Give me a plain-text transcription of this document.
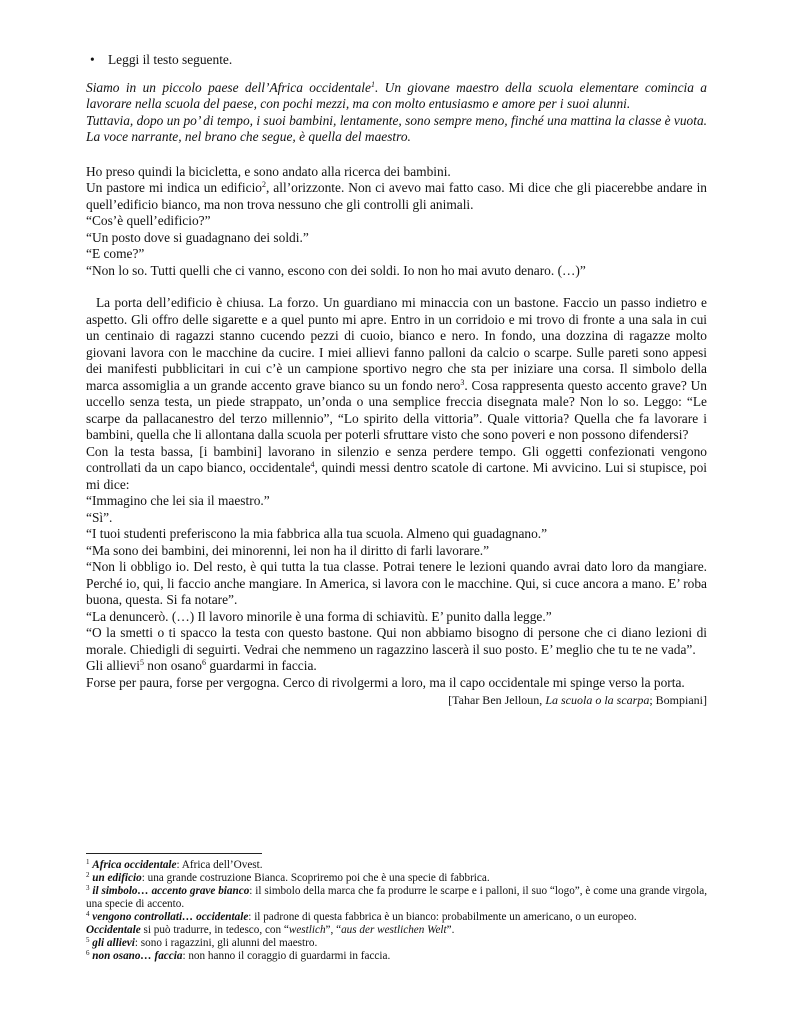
• Leggi il testo seguente.

Siamo in un piccolo paese dell’Africa occidentale$^1$. Un giovane maestro della scuola elementare comincia a lavorare nella scuola del paese, con pochi mezzi, ma con molto entusiasmo e amore per i suoi alunni.

Tuttavia, dopo un po’ di tempo, i suoi bambini, lentamente, sono sempre meno, finché una mattina la classe è vuota. La voce narrante, nel brano che segue, è quella del maestro.

Ho preso quindi la bicicletta, e sono andato alla ricerca dei bambini.

Un pastore mi indica un edificio$^2$, all’orizzonte. Non ci avevo mai fatto caso. Mi dice che gli piacerebbe andare in quell’edificio bianco, ma non trova nessuno che gli controlli gli animali.

“Cos’è quell’edificio?”

“Un posto dove si guadagnano dei soldi.”

“E come?”

“Non lo so. Tutti quelli che ci vanno, escono con dei soldi. Io non ho mai avuto denaro. (…)”

La porta dell’edificio è chiusa. La forzo. Un guardiano mi minaccia con un bastone. Faccio un passo indietro e aspetto. Gli offro delle sigarette e a quel punto mi apre. Entro in un corridoio e mi trovo di fronte a una sala in cui un centinaio di ragazzi stanno cucendo pezzi di cuoio, bianco e nero. In fondo, una dozzina di ragazze molto giovani lavora con le macchine da cucire. I miei allievi fanno palloni da calcio o scarpe. Sulle pareti sono appesi dei manifesti pubblicitari in cui c’è un campione sportivo negro che sta per iniziare una corsa. Il simbolo della marca assomiglia a un grande accento grave bianco su un fondo nero$^3$. Cosa rappresenta questo accento grave? Un uccello senza testa, un piede strappato, un’onda o una semplice freccia disegnata male? Non lo so. Leggo: “Le scarpe da pallacanestro del terzo millennio”, “Lo spirito della vittoria”. Quale vittoria? Quella che fa lavorare i bambini, quella che li allontana dalla scuola per poterli sfruttare visto che sono poveri e non possono difendersi?

Con la testa bassa, [i bambini] lavorano in silenzio e senza perdere tempo. Gli oggetti confezionati vengono controllati da un capo bianco, occidentale$^4$, quindi messi dentro scatole di cartone. Mi avvicino. Lui si stupisce, poi mi dice:

“Immagino che lei sia il maestro.”

“Sì”.

“I tuoi studenti preferiscono la mia fabbrica alla tua scuola. Almeno qui guadagnano.”

“Ma sono dei bambini, dei minorenni, lei non ha il diritto di farli lavorare.”

“Non li obbligo io. Del resto, è qui tutta la tua classe. Potrai tenere le lezioni quando avrai dato loro da mangiare. Perché io, qui, li faccio anche mangiare. In America, si lavora con le macchine. Qui, si cuce ancora a mano. E’ roba buona, questa. Si fa notare”.

“La denuncerò. (…) Il lavoro minorile è una forma di schiavitù. E’ punito dalla legge.”

“O la smetti o ti spacco la testa con questo bastone. Qui non abbiamo bisogno di persone che ci diano lezioni di morale. Chiedigli di seguirti. Vedrai che nemmeno un ragazzino lascerà il suo posto. E’ meglio che tu te ne vada”.

Gli allievi$^5$ non osano$^6$ guardarmi in faccia.

Forse per paura, forse per vergogna. Cerco di rivolgermi a loro, ma il capo occidentale mi spinge verso la porta.

[Tahar Ben Jelloun, La scuola o la scarpa; Bompiani]

$^1$ Africa occidentale: Africa dell’Ovest.

$^2$ un edificio: una grande costruzione Bianca. Scopriremo poi che è una specie di fabbrica.

$^3$ il simbolo… accento grave bianco: il simbolo della marca che fa produrre le scarpe e i palloni, il suo “logo”, è come una grande virgola, una specie di accento.

$^4$ vengono controllati… occidentale: il padrone di questa fabbrica è un bianco: probabilmente un americano, o un europeo.
Occidentale si può tradurre, in tedesco, con “westlich”, “aus der westlichen Welt”.

$^5$ gli allievi: sono i ragazzini, gli alunni del maestro.

$^6$ non osano… faccia: non hanno il coraggio di guardarmi in faccia.
